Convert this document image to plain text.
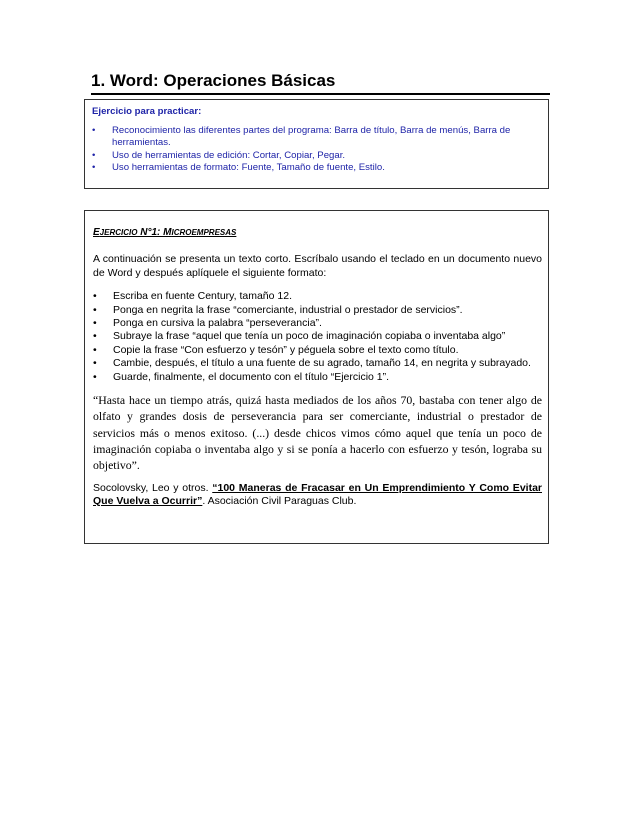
1. Word: Operaciones Básicas
Ejercicio para practicar:
• Reconocimiento las diferentes partes del programa: Barra de título, Barra de menús, Barra de herramientas.
• Uso de herramientas de edición: Cortar, Copiar, Pegar.
• Uso herramientas de formato: Fuente, Tamaño de fuente, Estilo.
EJERCICIO N°1: MICROEMPRESAS

A continuación se presenta un texto corto. Escríbalo usando el teclado en un documento nuevo de Word y después aplíquele el siguiente formato:

• Escriba en fuente Century, tamaño 12.
• Ponga en negrita la frase “comerciante, industrial o prestador de servicios”.
• Ponga en cursiva la palabra “perseverancia”.
• Subraye la frase “aquel que tenía un poco de imaginación copiaba o inventaba algo”
• Copie la frase “Con esfuerzo y tesón” y péguela sobre el texto como título.
• Cambie, después, el título a una fuente de su agrado, tamaño 14, en negrita y subrayado.
• Guarde, finalmente, el documento con el título “Ejercicio 1”.

“Hasta hace un tiempo atrás, quizá hasta mediados de los años 70, bastaba con tener algo de olfato y grandes dosis de perseverancia para ser comerciante, industrial o prestador de servicios más o menos exitoso. (...) desde chicos vimos cómo aquel que tenía un poco de imaginación copiaba o inventaba algo y si se ponía a hacerlo con esfuerzo y tesón, lograba su objetivo”.

Socolovsky, Leo y otros. “100 Maneras de Fracasar en Un Emprendimiento Y Como Evitar Que Vuelva a Ocurrir”. Asociación Civil Paraguas Club.
